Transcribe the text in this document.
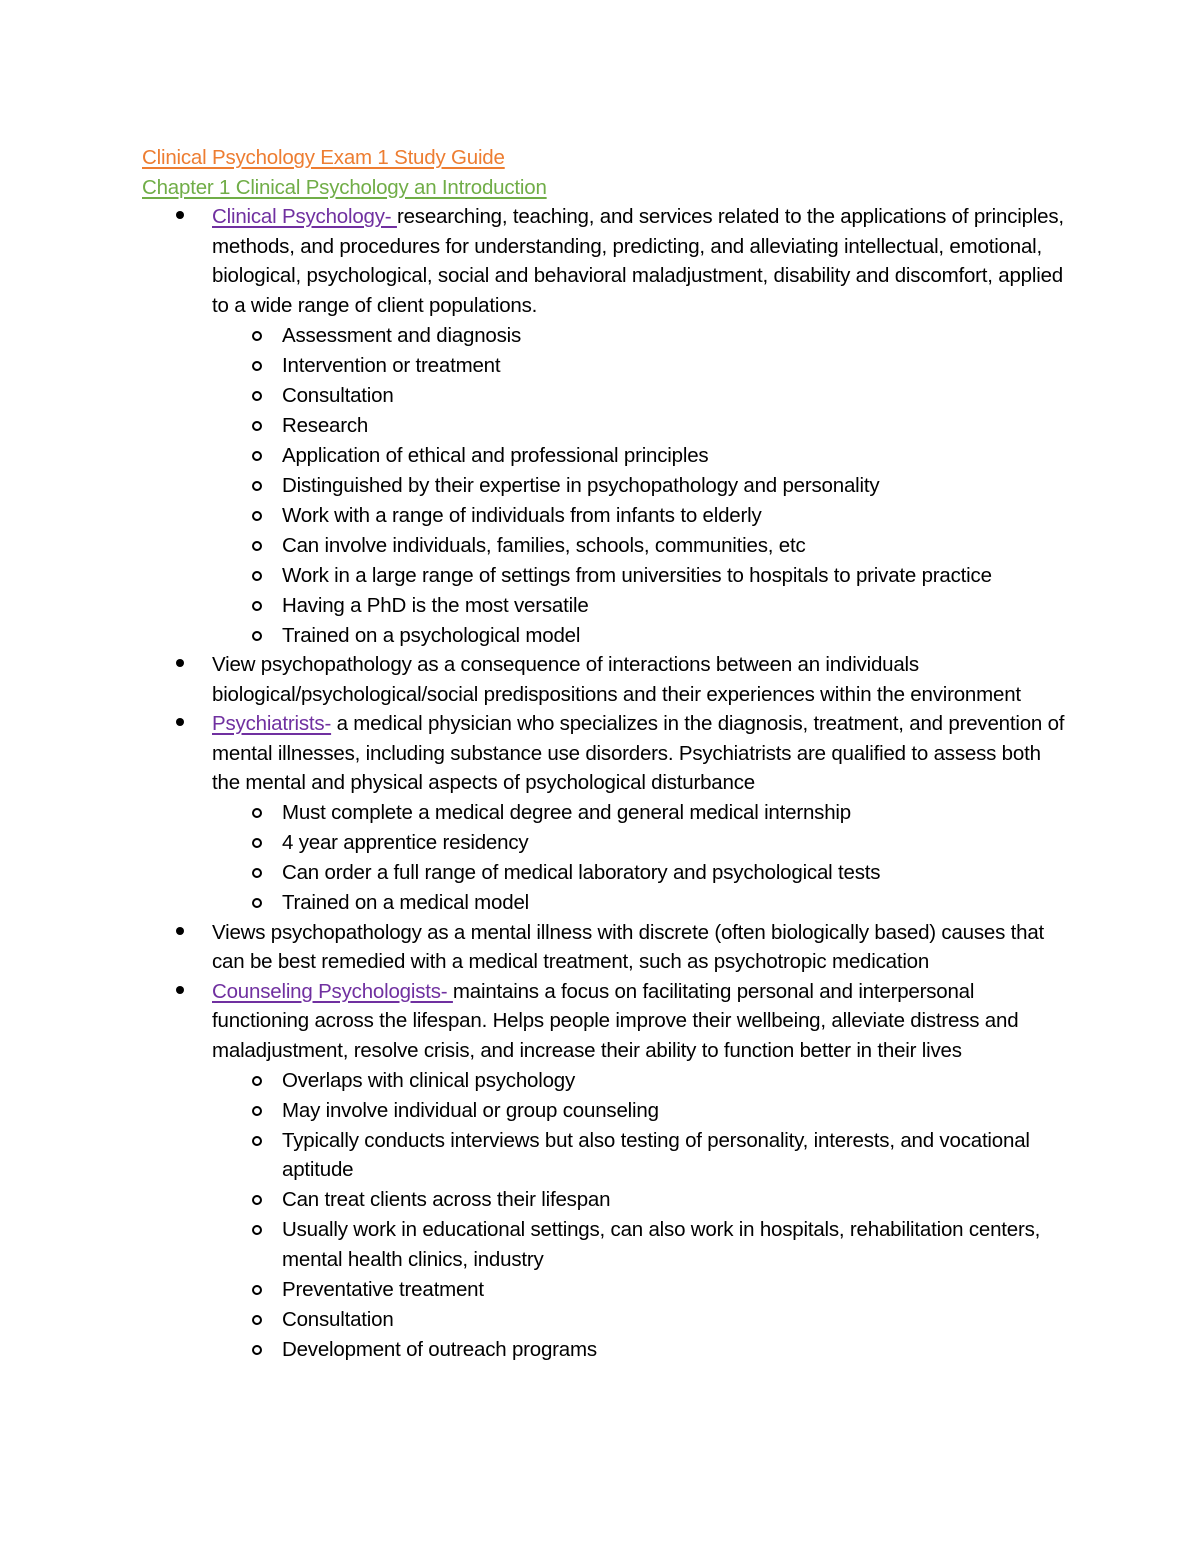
Clinical Psychology Exam 1 Study Guide
Chapter 1 Clinical Psychology an Introduction
Clinical Psychology- researching, teaching, and services related to the applications of principles, methods, and procedures for understanding, predicting, and alleviating intellectual, emotional, biological, psychological, social and behavioral maladjustment, disability and discomfort, applied to a wide range of client populations.
Assessment and diagnosis
Intervention or treatment
Consultation
Research
Application of ethical and professional principles
Distinguished by their expertise in psychopathology and personality
Work with a range of individuals from infants to elderly
Can involve individuals, families, schools, communities, etc
Work in a large range of settings from universities to hospitals to private practice
Having a PhD is the most versatile
Trained on a psychological model
View psychopathology as a consequence of interactions between an individuals biological/psychological/social predispositions and their experiences within the environment
Psychiatrists- a medical physician who specializes in the diagnosis, treatment, and prevention of mental illnesses, including substance use disorders. Psychiatrists are qualified to assess both the mental and physical aspects of psychological disturbance
Must complete a medical degree and general medical internship
4 year apprentice residency
Can order a full range of medical laboratory and psychological tests
Trained on a medical model
Views psychopathology as a mental illness with discrete (often biologically based) causes that can be best remedied with a medical treatment, such as psychotropic medication
Counseling Psychologists- maintains a focus on facilitating personal and interpersonal functioning across the lifespan. Helps people improve their wellbeing, alleviate distress and maladjustment, resolve crisis, and increase their ability to function better in their lives
Overlaps with clinical psychology
May involve individual or group counseling
Typically conducts interviews but also testing of personality, interests, and vocational aptitude
Can treat clients across their lifespan
Usually work in educational settings, can also work in hospitals, rehabilitation centers, mental health clinics, industry
Preventative treatment
Consultation
Development of outreach programs
